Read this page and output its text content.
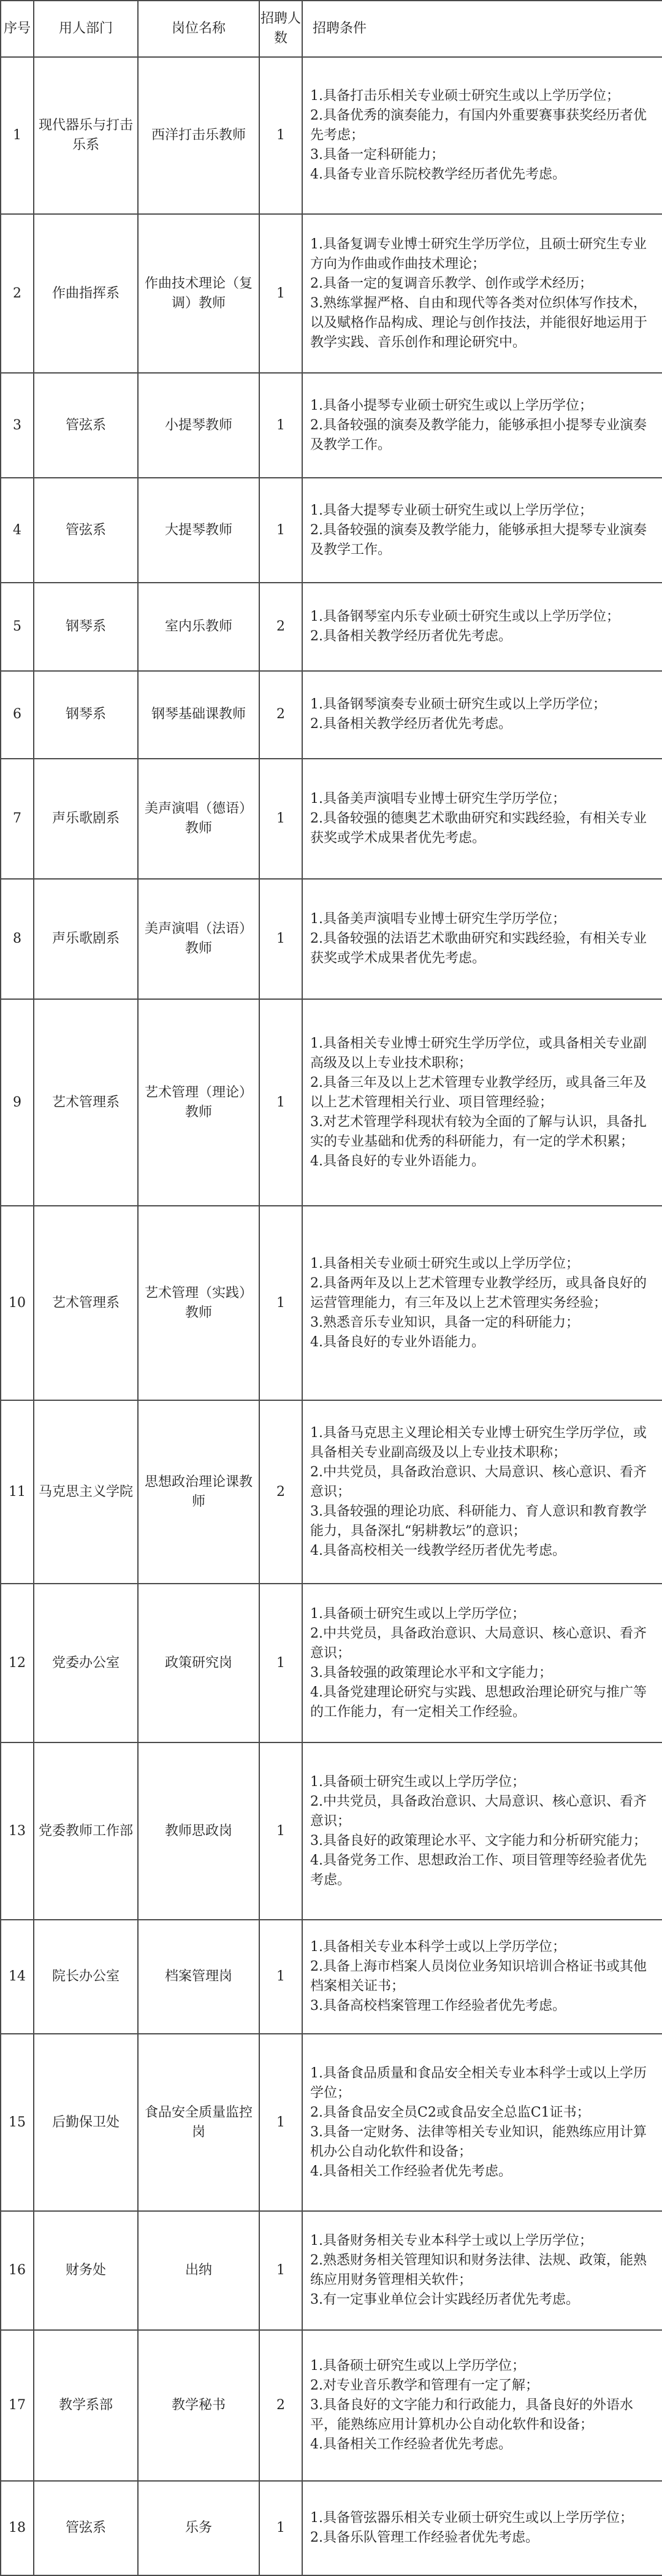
序号	用人部门	岗位名称	招聘人数	招聘条件
1	现代器乐与打击乐系	西洋打击乐教师	1	1.具备打击乐相关专业硕士研究生或以上学历学位；
2.具备优秀的演奏能力，有国内外重要赛事获奖经历者优先考虑；
3.具备一定科研能力；
4.具备专业音乐院校教学经历者优先考虑。

2	作曲指挥系	作曲技术理论（复调）教师	1	1.具备复调专业博士研究生学历学位，且硕士研究生专业方向为作曲或作曲技术理论；
2.具备一定的复调音乐教学、创作或学术经历；
3.熟练掌握严格、自由和现代等各类对位织体写作技术，以及赋格作品构成、理论与创作技法，并能很好地运用于教学实践、音乐创作和理论研究中。

3	管弦系	小提琴教师	1	1.具备小提琴专业硕士研究生或以上学历学位；
2.具备较强的演奏及教学能力，能够承担小提琴专业演奏及教学工作。

4	管弦系	大提琴教师	1	1.具备大提琴专业硕士研究生或以上学历学位；
2.具备较强的演奏及教学能力，能够承担大提琴专业演奏及教学工作。

5	钢琴系	室内乐教师	2	1.具备钢琴室内乐专业硕士研究生或以上学历学位；
2.具备相关教学经历者优先考虑。

6	钢琴系	钢琴基础课教师	2	1.具备钢琴演奏专业硕士研究生或以上学历学位；
2.具备相关教学经历者优先考虑。

7	声乐歌剧系	美声演唱（德语）教师	1	1.具备美声演唱专业博士研究生学历学位；
2.具备较强的德奥艺术歌曲研究和实践经验，有相关专业获奖或学术成果者优先考虑。

8	声乐歌剧系	美声演唱（法语）教师	1	1.具备美声演唱专业博士研究生学历学位；
2.具备较强的法语艺术歌曲研究和实践经验，有相关专业获奖或学术成果者优先考虑。

9	艺术管理系	艺术管理（理论）教师	1	1.具备相关专业博士研究生学历学位，或具备相关专业副高级及以上专业技术职称；
2.具备三年及以上艺术管理专业教学经历，或具备三年及以上艺术管理相关行业、项目管理经验；
3.对艺术管理学科现状有较为全面的了解与认识，具备扎实的专业基础和优秀的科研能力，有一定的学术积累；
4.具备良好的专业外语能力。

10	艺术管理系	艺术管理（实践）教师	1	1.具备相关专业硕士研究生或以上学历学位；
2.具备两年及以上艺术管理专业教学经历，或具备良好的运营管理能力，有三年及以上艺术管理实务经验；
3.熟悉音乐专业知识，具备一定的科研能力；
4.具备良好的专业外语能力。

11	马克思主义学院	思想政治理论课教师	2	1.具备马克思主义理论相关专业博士研究生学历学位，或具备相关专业副高级及以上专业技术职称；
2.中共党员，具备政治意识、大局意识、核心意识、看齐意识；
3.具备较强的理论功底、科研能力、育人意识和教育教学能力，具备深扎“躬耕教坛”的意识；
4.具备高校相关一线教学经历者优先考虑。

12	党委办公室	政策研究岗	1	1.具备硕士研究生或以上学历学位；
2.中共党员，具备政治意识、大局意识、核心意识、看齐意识；
3.具备较强的政策理论水平和文字能力；
4.具备党建理论研究与实践、思想政治理论研究与推广等的工作能力，有一定相关工作经验。

13	党委教师工作部	教师思政岗	1	1.具备硕士研究生或以上学历学位；
2.中共党员，具备政治意识、大局意识、核心意识、看齐意识；
3.具备良好的政策理论水平、文字能力和分析研究能力；
4.具备党务工作、思想政治工作、项目管理等经验者优先考虑。

14	院长办公室	档案管理岗	1	1.具备相关专业本科学士或以上学历学位；
2.具备上海市档案人员岗位业务知识培训合格证书或其他档案相关证书；
3.具备高校档案管理工作经验者优先考虑。

15	后勤保卫处	食品安全质量监控岗	1	1.具备食品质量和食品安全相关专业本科学士或以上学历学位；
2.具备食品安全员C2或食品安全总监C1证书；
3.具备一定财务、法律等相关专业知识，能熟练应用计算机办公自动化软件和设备；
4.具备相关工作经验者优先考虑。

16	财务处	出纳	1	1.具备财务相关专业本科学士或以上学历学位；
2.熟悉财务相关管理知识和财务法律、法规、政策，能熟练应用财务管理相关软件；
3.有一定事业单位会计实践经历者优先考虑。

17	教学系部	教学秘书	2	1.具备硕士研究生或以上学历学位；
2.对专业音乐教学和管理有一定了解；
3.具备良好的文字能力和行政能力，具备良好的外语水平，能熟练应用计算机办公自动化软件和设备；
4.具备相关工作经验者优先考虑。

18	管弦系	乐务	1	1.具备管弦器乐相关专业硕士研究生或以上学历学位；
2.具备乐队管理工作经验者优先考虑。
